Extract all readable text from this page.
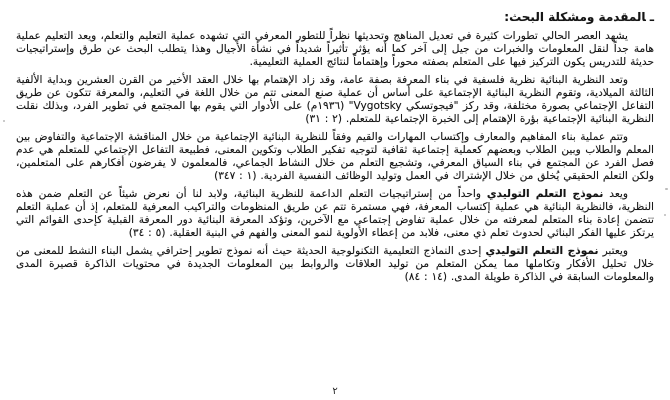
ـالمقدمة ومشكلة البحث:

يشهد العصر الحالي تطورات كثيرة في تعديل المناهج وتحديثها نظراً للتطور المعرفي التي تشهده عملية التعليم والتعلم، ويعد التعليم عملية هامة جداً لنقل المعلومات والخبرات من جيل إلى آخر كما أنه يؤثر تأثيراً شديداً في نشأة الأجيال وهذا يتطلب البحث عن طرق وإستراتيجيات حديثة للتدريس يكون التركيز فيها على المتعلم بصفته محوراً وإهتماماً لنتائج العملية التعليمية.

وتعد النظرية البنائية نظرية فلسفية في بناء المعرفة بصفة عامة، وقد زاد الإهتمام بها خلال العقد الأخير من القرن العشرين وبداية الألفية الثالثة الميلادية، وتقوم النظرية البنائية الإجتماعية على أساس أن عملية صنع المعنى تتم من خلال اللغة في التعليم، والمعرفة تتكون عن طريق التفاعل الإجتماعي بصورة مختلفة، وقد ركز "فيجوتسكي Vygotsky" (١٩٣٦م) على الأدوار التي يقوم بها المجتمع في تطوير الفرد، وبذلك نقلت النظرية البنائية الإجتماعية بؤرة الإهتمام إلى الخبرة الإجتماعية للمتعلم. (٢ : ٣١)

وتتم عملية بناء المفاهيم والمعارف وإكتساب المهارات والقيم وفقاً للنظرية البنائية الإجتماعية من خلال المناقشة الإجتماعية والتفاوض بين المعلم والطلاب وبين الطلاب وبعضهم كعملية إجتماعية ثقافية لتوجيه تفكير الطلاب وتكوين المعنى، فطبيعة التفاعل الإجتماعي للمتعلم هي عدم فصل الفرد عن المجتمع في بناء السياق المعرفي، وتشجيع التعلم من خلال النشاط الجماعي، فالمعلمون لا يفرضون أفكارهم على المتعلمين، ولكن التعلم الحقيقي يُخلق من خلال الإشتراك في العمل وتوليد الوظائف النفسية الفردية. (١ : ٣٤٧)

ويعد نموذج التعلم التوليدي واحداً من إستراتيجيات التعلم الداعمة للنظرية البنائية، ولابد لنا أن نعرض شيئاً عن التعلم ضمن هذه النظرية، فالنظرية البنائية هي عملية إكتساب المعرفة، فهي مستمرة تتم عن طريق المنظومات والتراكيب المعرفية للمتعلم، إذ أن عملية التعلم تتضمن إعادة بناء المتعلم لمعرفته من خلال عملية تفاوض إجتماعي مع الآخرين، وتؤكد المعرفة البنائية دور المعرفة القبلية كإحدى القوائم التي يرتكز عليها الفكر البنائي لحدوث تعلم ذي معنى، فلابد من إعطاء الأولوية لنمو المعنى والفهم في البنية العقلية. (٥ : ٣٤)

ويعتبر نموذج التعلم التوليدي إحدى النماذج التعليمية التكنولوجية الحديثة حيث أنه نموذج تطوير إحترافي يشمل البناء النشط للمعنى من خلال تحليل الأفكار وتكاملها مما يمكن المتعلم من توليد العلاقات والروابط بين المعلومات الجديدة في محتويات الذاكرة قصيرة المدى والمعلومات السابقة في الذاكرة طويلة المدى. (١٤ : ٨٤)

٢
